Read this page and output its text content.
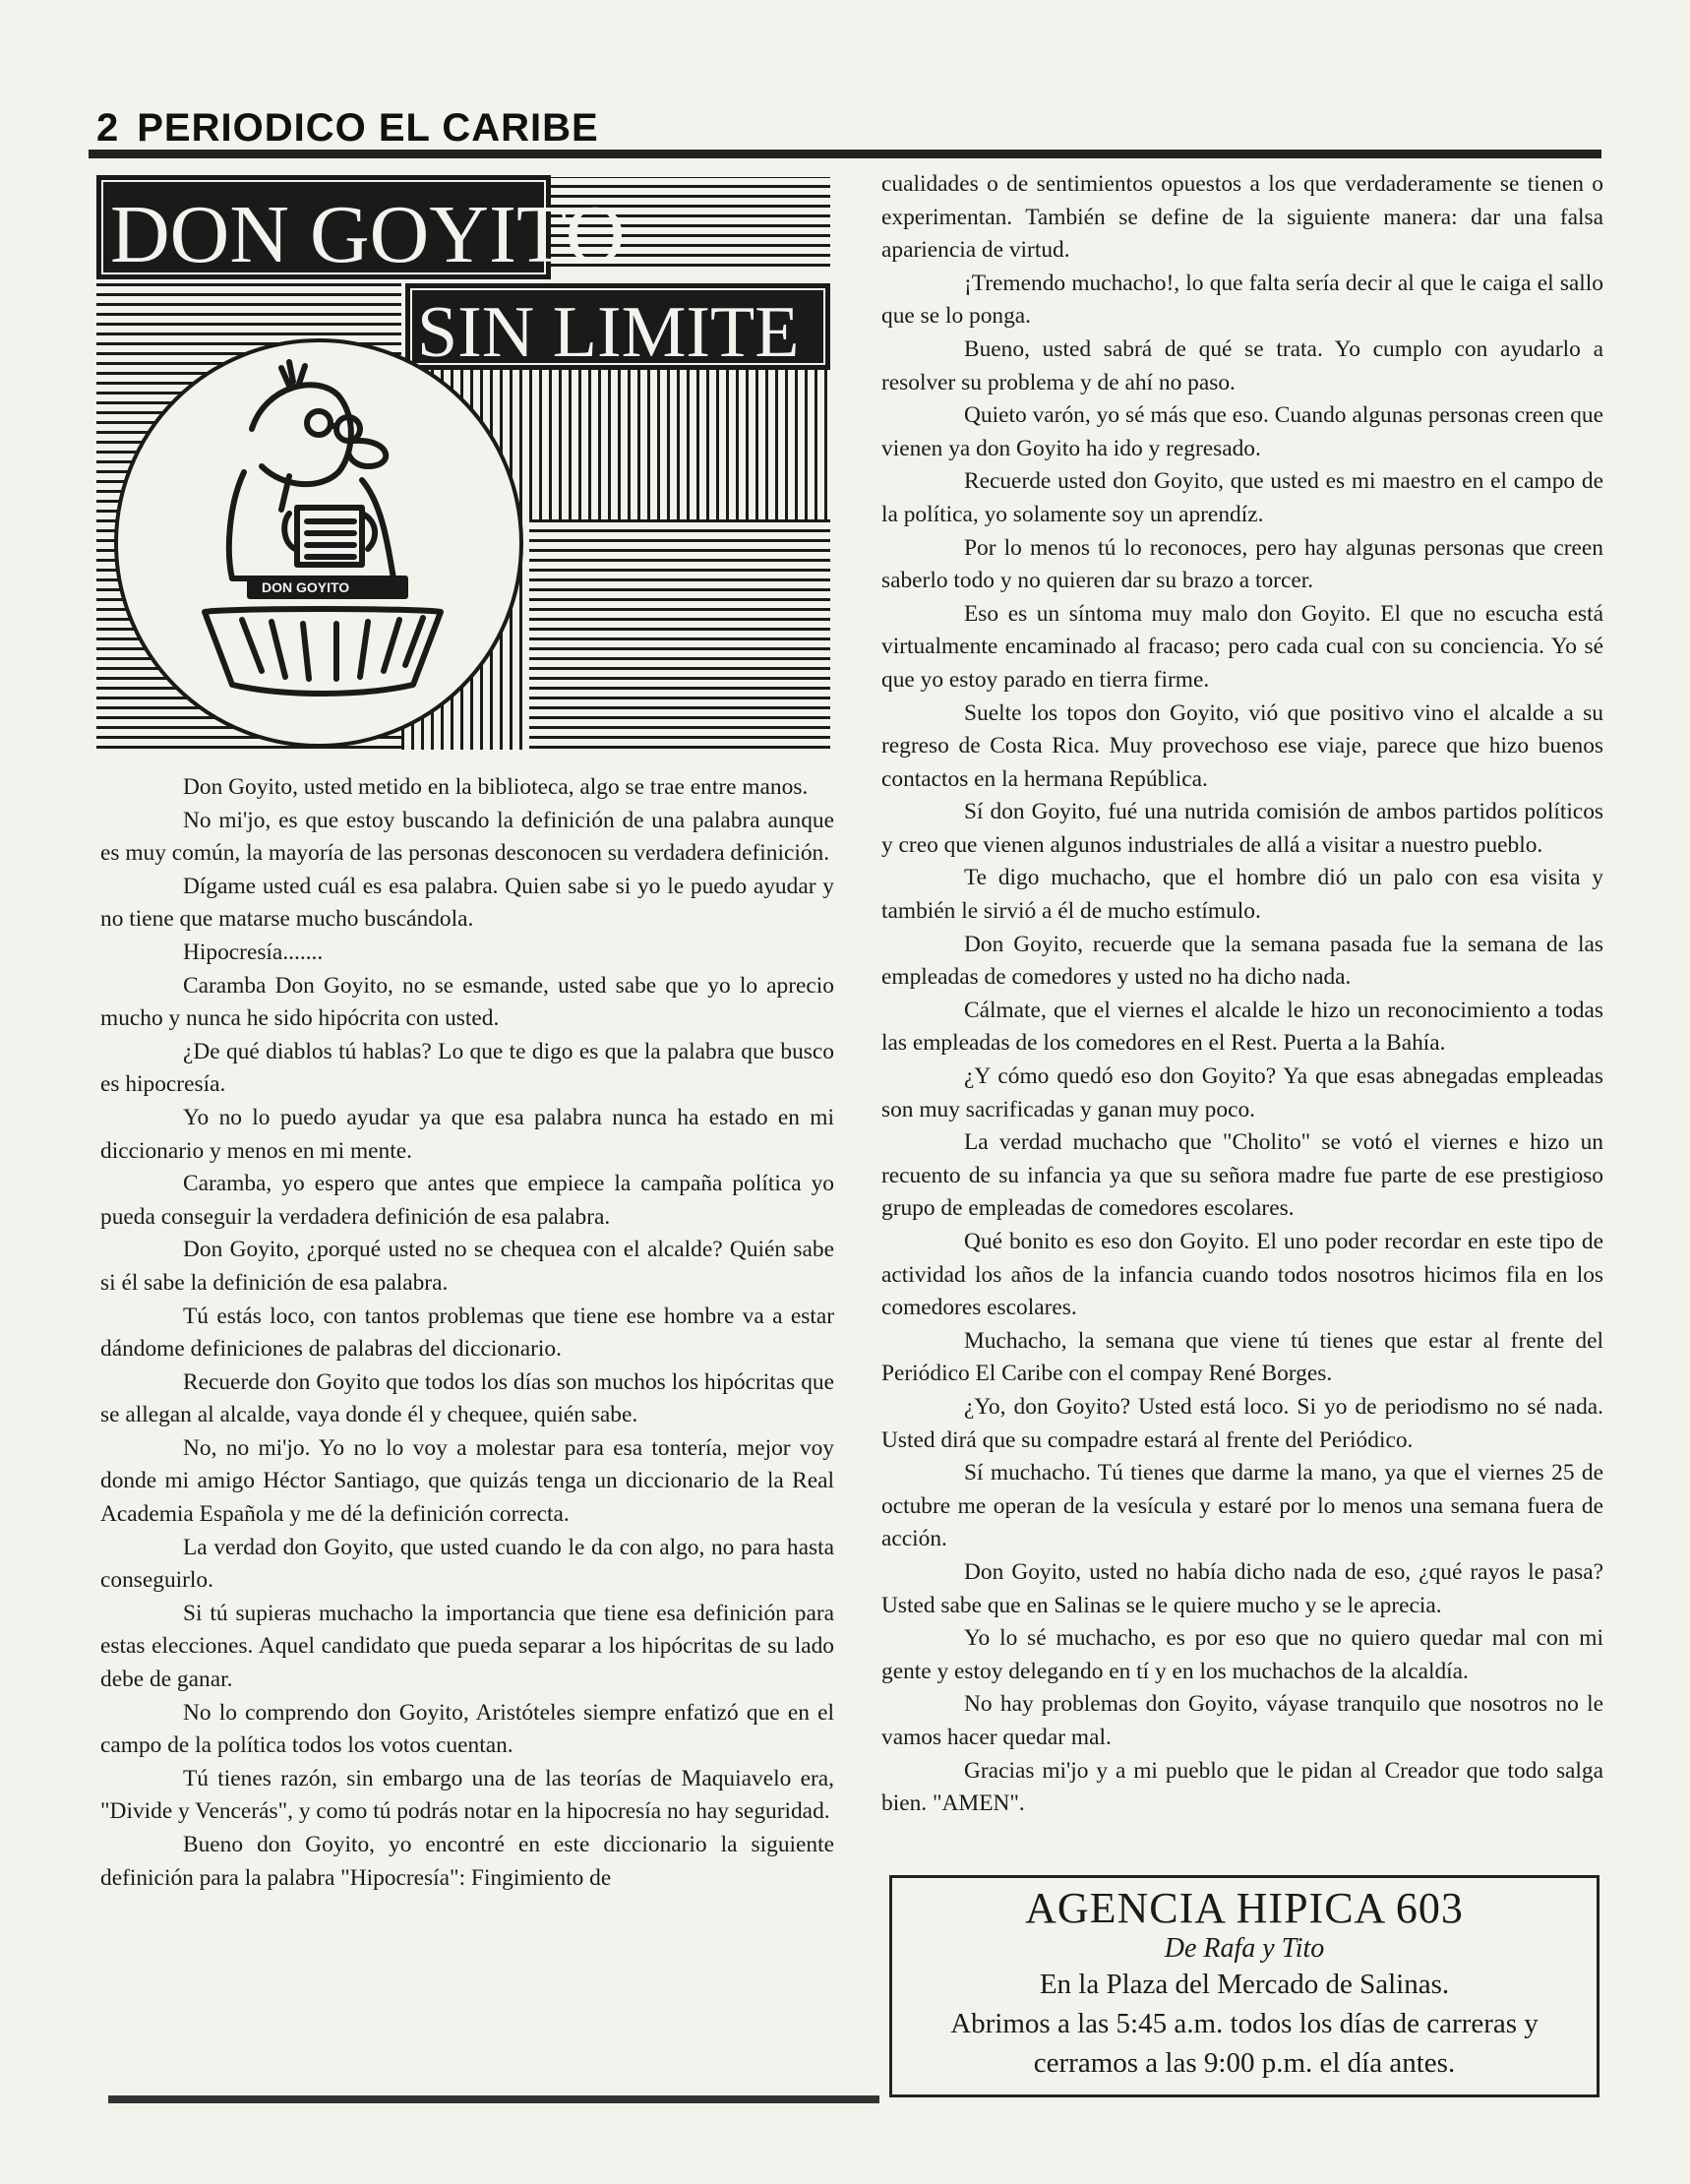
2 PERIODICO EL CARIBE
DON GOYITO
SIN LIMITE
DON GOYITO

Don Goyito, usted metido en la biblioteca, algo se trae entre manos.

No mi'jo, es que estoy buscando la definición de una palabra aunque es muy común, la mayoría de las personas desconocen su verdadera definición.

Dígame usted cuál es esa palabra. Quien sabe si yo le puedo ayudar y no tiene que matarse mucho buscándola.

Hipocresía.......

Caramba Don Goyito, no se esmande, usted sabe que yo lo aprecio mucho y nunca he sido hipócrita con usted.

¿De qué diablos tú hablas? Lo que te digo es que la palabra que busco es hipocresía.

Yo no lo puedo ayudar ya que esa palabra nunca ha estado en mi diccionario y menos en mi mente.

Caramba, yo espero que antes que empiece la campaña política yo pueda conseguir la verdadera definición de esa palabra.

Don Goyito, ¿porqué usted no se chequea con el alcalde? Quién sabe si él sabe la definición de esa palabra.

Tú estás loco, con tantos problemas que tiene ese hombre va a estar dándome definiciones de palabras del diccionario.

Recuerde don Goyito que todos los días son muchos los hipócritas que se allegan al alcalde, vaya donde él y chequee, quién sabe.

No, no mi'jo. Yo no lo voy a molestar para esa tontería, mejor voy donde mi amigo Héctor Santiago, que quizás tenga un diccionario de la Real Academia Española y me dé la definición correcta.

La verdad don Goyito, que usted cuando le da con algo, no para hasta conseguirlo.

Si tú supieras muchacho la importancia que tiene esa definición para estas elecciones. Aquel candidato que pueda separar a los hipócritas de su lado debe de ganar.

No lo comprendo don Goyito, Aristóteles siempre enfatizó que en el campo de la política todos los votos cuentan.

Tú tienes razón, sin embargo una de las teorías de Maquiavelo era, "Divide y Vencerás", y como tú podrás notar en la hipocresía no hay seguridad.

Bueno don Goyito, yo encontré en este diccionario la siguiente definición para la palabra "Hipocresía": Fingimiento de

cualidades o de sentimientos opuestos a los que verdaderamente se tienen o experimentan. También se define de la siguiente manera: dar una falsa apariencia de virtud.

¡Tremendo muchacho!, lo que falta sería decir al que le caiga el sallo que se lo ponga.

Bueno, usted sabrá de qué se trata. Yo cumplo con ayudarlo a resolver su problema y de ahí no paso.

Quieto varón, yo sé más que eso. Cuando algunas personas creen que vienen ya don Goyito ha ido y regresado.

Recuerde usted don Goyito, que usted es mi maestro en el campo de la política, yo solamente soy un aprendíz.

Por lo menos tú lo reconoces, pero hay algunas personas que creen saberlo todo y no quieren dar su brazo a torcer.

Eso es un síntoma muy malo don Goyito. El que no escucha está virtualmente encaminado al fracaso; pero cada cual con su conciencia. Yo sé que yo estoy parado en tierra firme.

Suelte los topos don Goyito, vió que positivo vino el alcalde a su regreso de Costa Rica. Muy provechoso ese viaje, parece que hizo buenos contactos en la hermana República.

Sí don Goyito, fué una nutrida comisión de ambos partidos políticos y creo que vienen algunos industriales de allá a visitar a nuestro pueblo.

Te digo muchacho, que el hombre dió un palo con esa visita y también le sirvió a él de mucho estímulo.

Don Goyito, recuerde que la semana pasada fue la semana de las empleadas de comedores y usted no ha dicho nada.

Cálmate, que el viernes el alcalde le hizo un reconocimiento a todas las empleadas de los comedores en el Rest. Puerta a la Bahía.

¿Y cómo quedó eso don Goyito? Ya que esas abnegadas empleadas son muy sacrificadas y ganan muy poco.

La verdad muchacho que "Cholito" se votó el viernes e hizo un recuento de su infancia ya que su señora madre fue parte de ese prestigioso grupo de empleadas de comedores escolares.

Qué bonito es eso don Goyito. El uno poder recordar en este tipo de actividad los años de la infancia cuando todos nosotros hicimos fila en los comedores escolares.

Muchacho, la semana que viene tú tienes que estar al frente del Periódico El Caribe con el compay René Borges.

¿Yo, don Goyito? Usted está loco. Si yo de periodismo no sé nada. Usted dirá que su compadre estará al frente del Periódico.

Sí muchacho. Tú tienes que darme la mano, ya que el viernes 25 de octubre me operan de la vesícula y estaré por lo menos una semana fuera de acción.

Don Goyito, usted no había dicho nada de eso, ¿qué rayos le pasa? Usted sabe que en Salinas se le quiere mucho y se le aprecia.

Yo lo sé muchacho, es por eso que no quiero quedar mal con mi gente y estoy delegando en tí y en los muchachos de la alcaldía.

No hay problemas don Goyito, váyase tranquilo que nosotros no le vamos hacer quedar mal.

Gracias mi'jo y a mi pueblo que le pidan al Creador que todo salga bien. "AMEN".

AGENCIA HIPICA 603
De Rafa y Tito
En la Plaza del Mercado de Salinas.
Abrimos a las 5:45 a.m. todos los días de carreras y
cerramos a las 9:00 p.m. el día antes.
